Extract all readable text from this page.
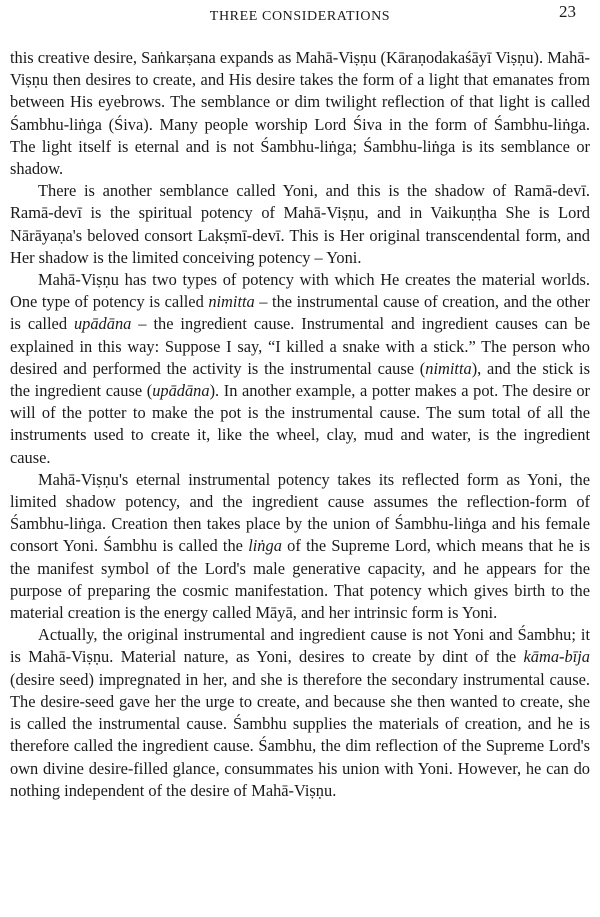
THREE CONSIDERATIONS	23

this creative desire, Saṅkarṣana expands as Mahā-Viṣṇu (Kāraṇodakaśāyī Viṣṇu). Mahā-Viṣṇu then desires to create, and His desire takes the form of a light that emanates from between His eyebrows. The semblance or dim twilight reflection of that light is called Śambhu-liṅga (Śiva). Many people worship Lord Śiva in the form of Śambhu-liṅga. The light itself is eternal and is not Śambhu-liṅga; Śambhu-liṅga is its semblance or shadow.

There is another semblance called Yoni, and this is the shadow of Ramā-devī. Ramā-devī is the spiritual potency of Mahā-Viṣṇu, and in Vaikuṇṭha She is Lord Nārāyaṇa's beloved consort Lakṣmī-devī. This is Her original transcendental form, and Her shadow is the limited conceiving potency – Yoni.

Mahā-Viṣṇu has two types of potency with which He creates the material worlds. One type of potency is called nimitta – the instrumental cause of creation, and the other is called upādāna – the ingredient cause. Instrumental and ingredient causes can be explained in this way: Suppose I say, “I killed a snake with a stick.” The person who desired and performed the activity is the instrumental cause (nimitta), and the stick is the ingredient cause (upādāna). In another example, a potter makes a pot. The desire or will of the potter to make the pot is the instrumental cause. The sum total of all the instruments used to create it, like the wheel, clay, mud and water, is the ingredient cause.

Mahā-Viṣṇu's eternal instrumental potency takes its reflected form as Yoni, the limited shadow potency, and the ingredient cause assumes the reflection-form of Śambhu-liṅga. Creation then takes place by the union of Śambhu-liṅga and his female consort Yoni. Śambhu is called the liṅga of the Supreme Lord, which means that he is the manifest symbol of the Lord's male generative capacity, and he appears for the purpose of preparing the cosmic manifestation. That potency which gives birth to the material creation is the energy called Māyā, and her intrinsic form is Yoni.

Actually, the original instrumental and ingredient cause is not Yoni and Śambhu; it is Mahā-Viṣṇu. Material nature, as Yoni, desires to create by dint of the kāma-bīja (desire seed) impregnated in her, and she is therefore the secondary instrumental cause. The desire-seed gave her the urge to create, and because she then wanted to create, she is called the instrumental cause. Śambhu supplies the materials of creation, and he is therefore called the ingredient cause. Śambhu, the dim reflection of the Supreme Lord's own divine desire-filled glance, consummates his union with Yoni. However, he can do nothing independent of the desire of Mahā-Viṣṇu.
